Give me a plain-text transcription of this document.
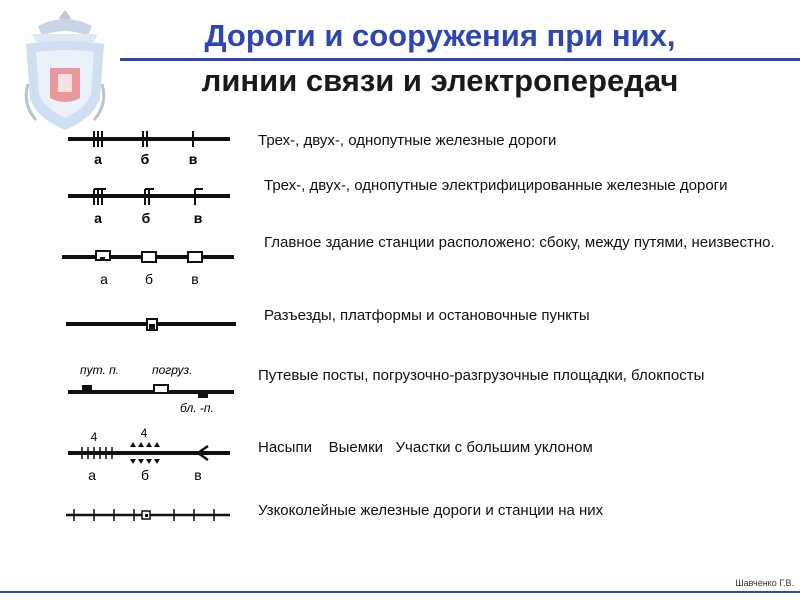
Дороги и сооружения при них,
линии связи и электропередач
а	б	в

Трех-, двух-, однопутные железные дороги

а	б	в

Трех-, двух-, однопутные электрифицированные железные дороги

а	б	в

Главное здание станции расположено: сбоку, между путями, неизвестно.

Разъезды, платформы и остановочные пункты

пут. п.	погруз.
бл. -п.

Путевые посты, погрузочно-разгрузочные площадки, блокпосты

4	4
а	б	в

Насыпи    Выемки   Участки с большим уклоном

Узкоколейные железные дороги и станции на них

Шавченко Г.В.
